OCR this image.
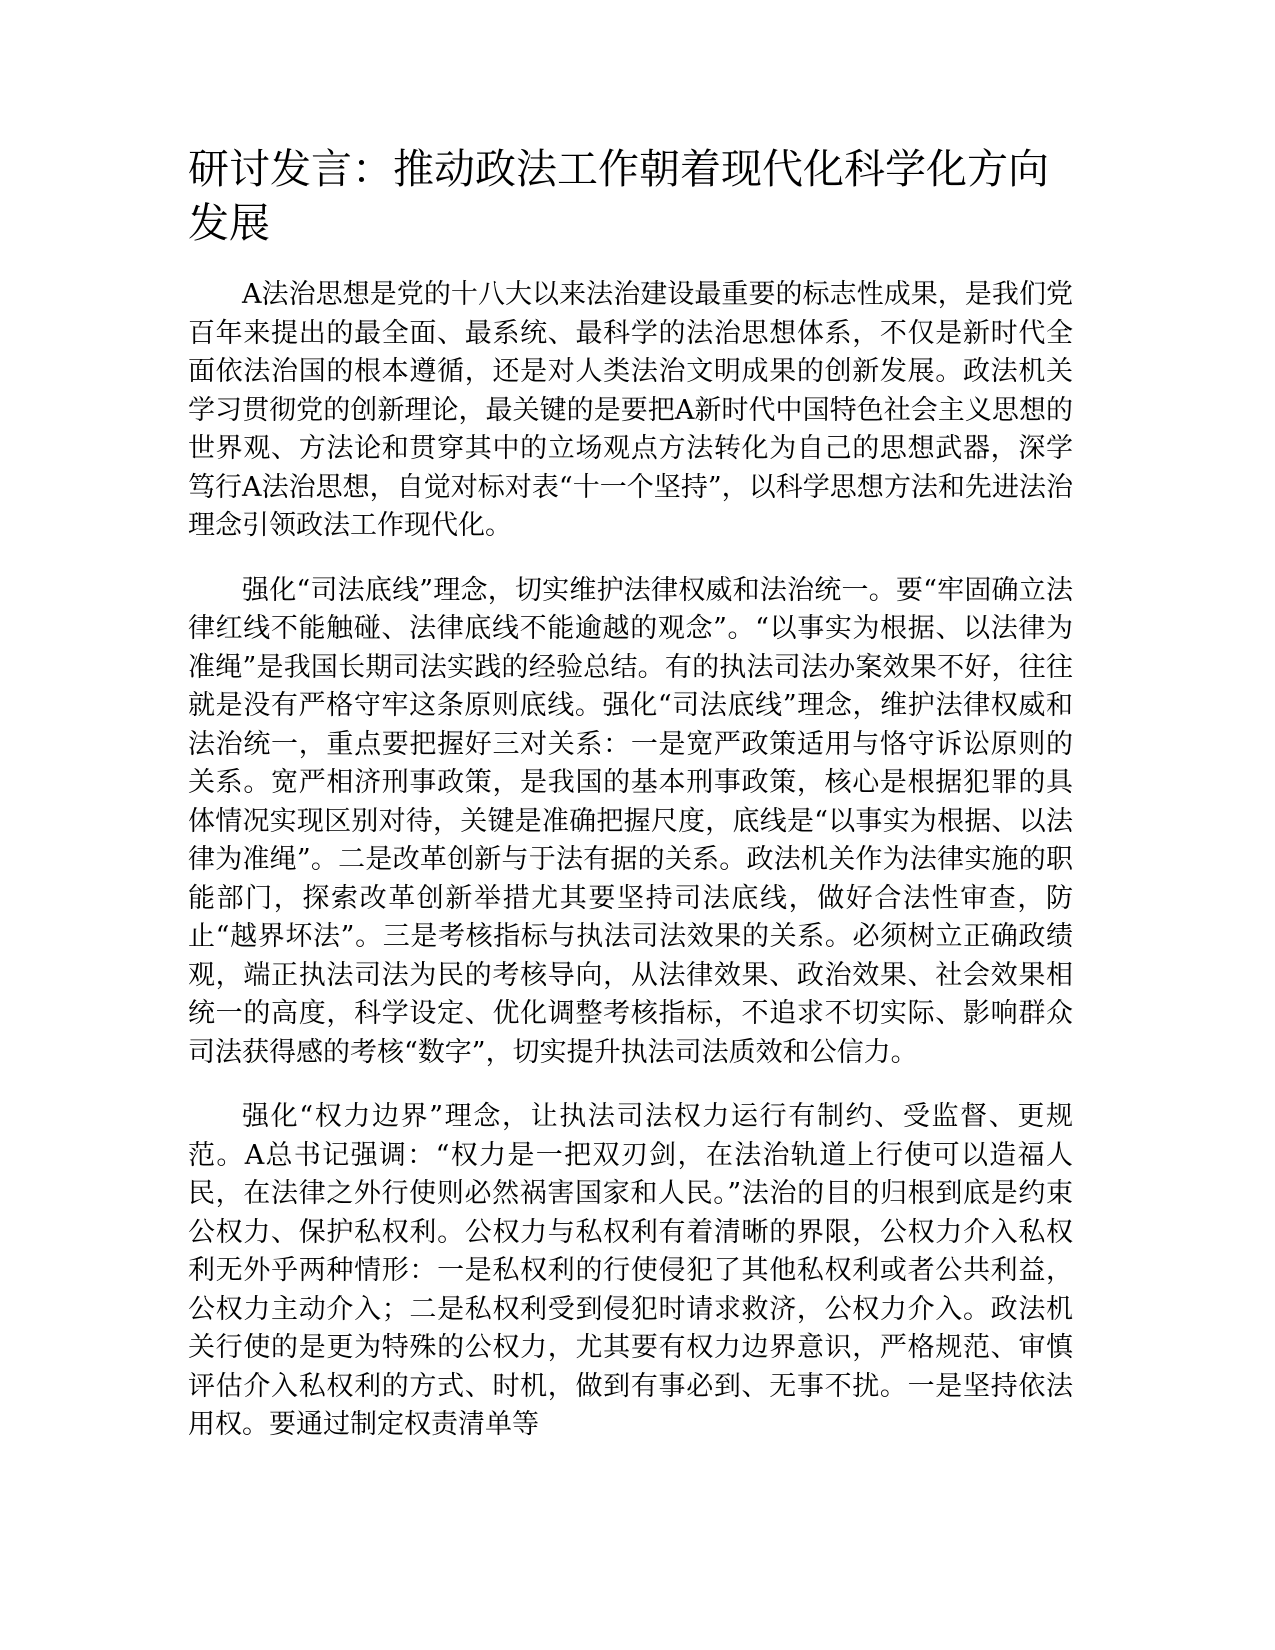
研讨发言：推动政法工作朝着现代化科学化方向发展

A法治思想是党的十八大以来法治建设最重要的标志性成果，是我们党百年来提出的最全面、最系统、最科学的法治思想体系，不仅是新时代全面依法治国的根本遵循，还是对人类法治文明成果的创新发展。政法机关学习贯彻党的创新理论，最关键的是要把A新时代中国特色社会主义思想的世界观、方法论和贯穿其中的立场观点方法转化为自己的思想武器，深学笃行A法治思想，自觉对标对表“十一个坚持”，以科学思想方法和先进法治理念引领政法工作现代化。

强化“司法底线”理念，切实维护法律权威和法治统一。要“牢固确立法律红线不能触碰、法律底线不能逾越的观念”。“以事实为根据、以法律为准绳”是我国长期司法实践的经验总结。有的执法司法办案效果不好，往往就是没有严格守牢这条原则底线。强化“司法底线”理念，维护法律权威和法治统一，重点要把握好三对关系：一是宽严政策适用与恪守诉讼原则的关系。宽严相济刑事政策，是我国的基本刑事政策，核心是根据犯罪的具体情况实现区别对待，关键是准确把握尺度，底线是“以事实为根据、以法律为准绳”。二是改革创新与于法有据的关系。政法机关作为法律实施的职能部门，探索改革创新举措尤其要坚持司法底线，做好合法性审查，防止“越界坏法”。三是考核指标与执法司法效果的关系。必须树立正确政绩观，端正执法司法为民的考核导向，从法律效果、政治效果、社会效果相统一的高度，科学设定、优化调整考核指标，不追求不切实际、影响群众司法获得感的考核“数字”，切实提升执法司法质效和公信力。

强化“权力边界”理念，让执法司法权力运行有制约、受监督、更规范。A总书记强调：“权力是一把双刃剑，在法治轨道上行使可以造福人民，在法律之外行使则必然祸害国家和人民。”法治的目的归根到底是约束公权力、保护私权利。公权力与私权利有着清晰的界限，公权力介入私权利无外乎两种情形：一是私权利的行使侵犯了其他私权利或者公共利益，公权力主动介入；二是私权利受到侵犯时请求救济，公权力介入。政法机关行使的是更为特殊的公权力，尤其要有权力边界意识，严格规范、审慎评估介入私权利的方式、时机，做到有事必到、无事不扰。一是坚持依法用权。要通过制定权责清单等
